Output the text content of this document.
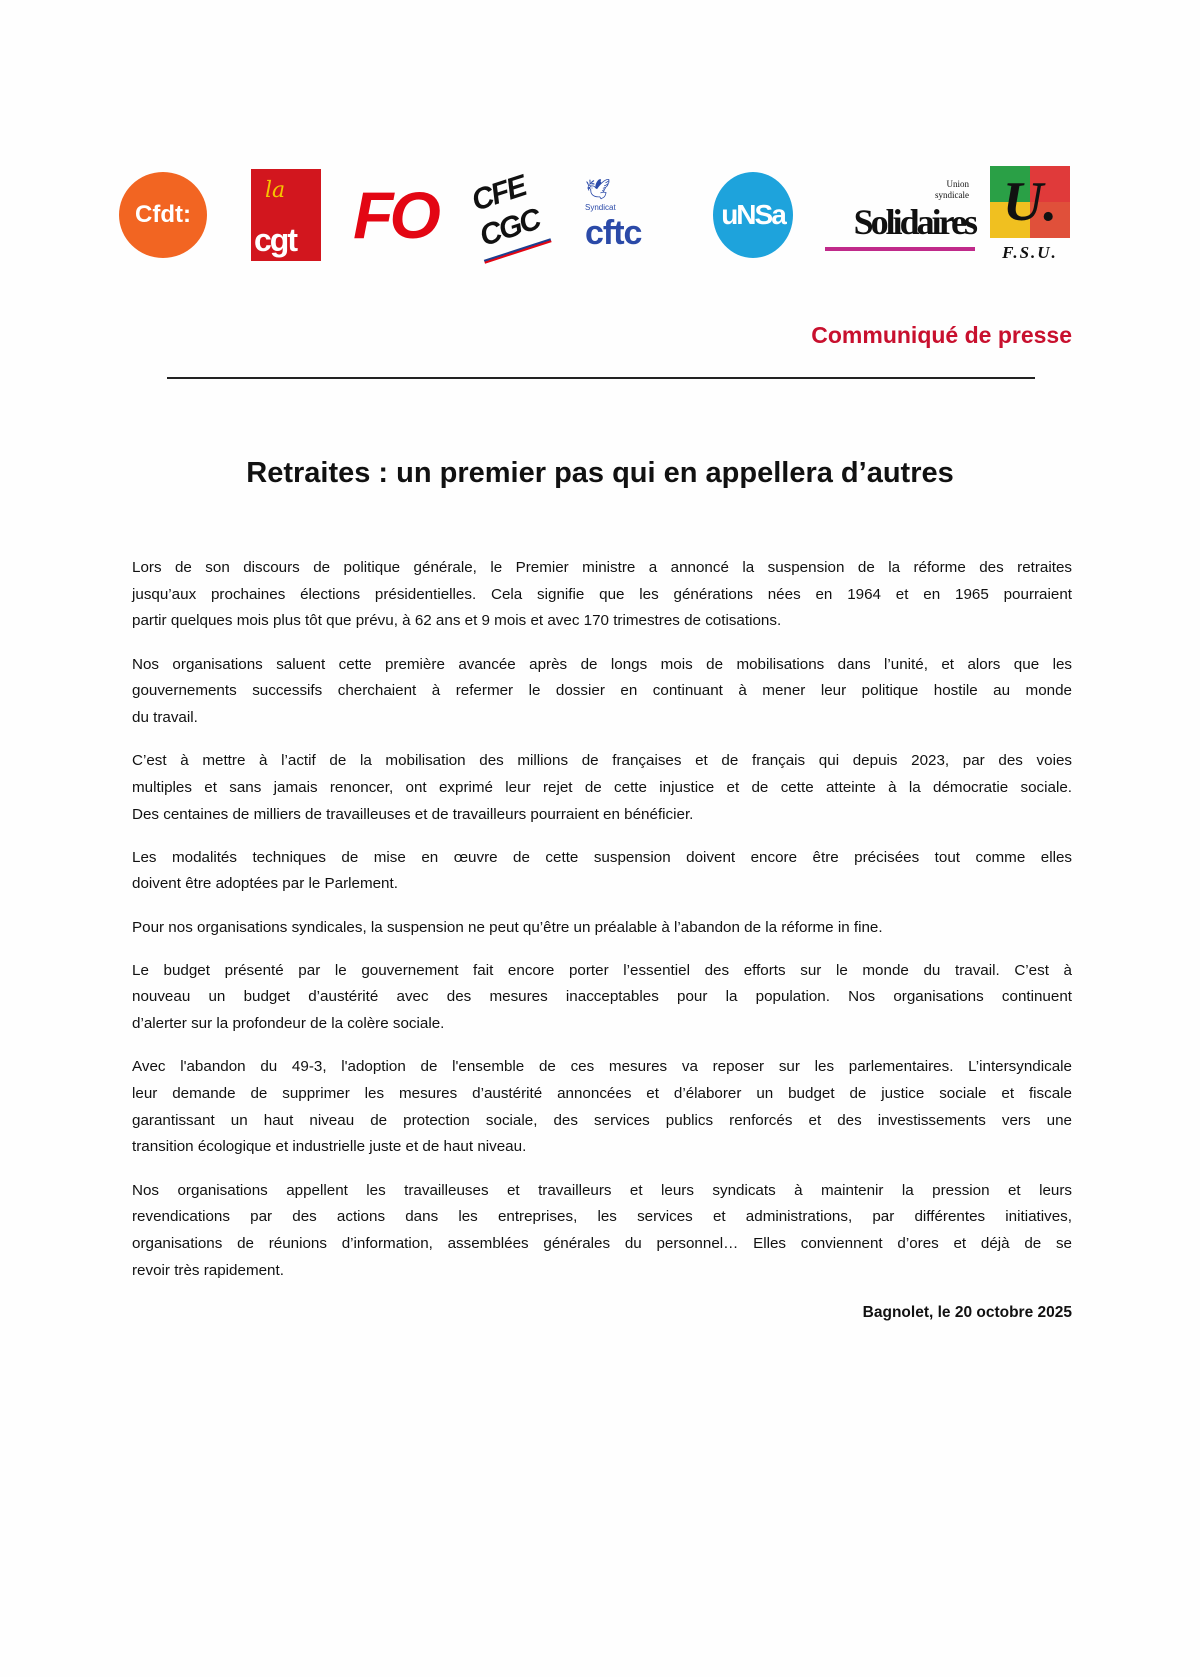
Cfdt:
la
cgt FO CFE
CGC
🕊
Syndicat
cftc	uNSa
Union
syndicale
Solidaires U.
F.S.U.
Communiqué de presse
Retraites : un premier pas qui en appellera d’autres
Lors de son discours de politique générale, le Premier ministre a annoncé la suspension de la réforme des retraites
jusqu’aux prochaines élections présidentielles. Cela signifie que les générations nées en 1964 et en 1965 pourraient
partir quelques mois plus tôt que prévu, à 62 ans et 9 mois et avec 170 trimestres de cotisations.
Nos organisations saluent cette première avancée après de longs mois de mobilisations dans l’unité, et alors que les
gouvernements successifs cherchaient à refermer le dossier en continuant à mener leur politique hostile au monde
du travail.
C’est à mettre à l’actif de la mobilisation des millions de françaises et de français qui depuis 2023, par des voies
multiples et sans jamais renoncer, ont exprimé leur rejet de cette injustice et de cette atteinte à la démocratie sociale.
Des centaines de milliers de travailleuses et de travailleurs pourraient en bénéficier.
Les modalités techniques de mise en œuvre de cette suspension doivent encore être précisées tout comme elles
doivent être adoptées par le Parlement.
Pour nos organisations syndicales, la suspension ne peut qu’être un préalable à l’abandon de la réforme in fine.
Le budget présenté par le gouvernement fait encore porter l’essentiel des efforts sur le monde du travail. C’est à
nouveau un budget d’austérité avec des mesures inacceptables pour la population. Nos organisations continuent
d’alerter sur la profondeur de la colère sociale.
Avec l'abandon du 49-3, l'adoption de l'ensemble de ces mesures va reposer sur les parlementaires. L’intersyndicale
leur demande de supprimer les mesures d’austérité annoncées et d’élaborer un budget de justice sociale et fiscale
garantissant un haut niveau de protection sociale, des services publics renforcés et des investissements vers une
transition écologique et industrielle juste et de haut niveau.
Nos organisations appellent les travailleuses et travailleurs et leurs syndicats à maintenir la pression et leurs
revendications par des actions dans les entreprises, les services et administrations, par différentes initiatives,
organisations de réunions d’information, assemblées générales du personnel… Elles conviennent d’ores et déjà de se
revoir très rapidement.
Bagnolet, le 20 octobre 2025
